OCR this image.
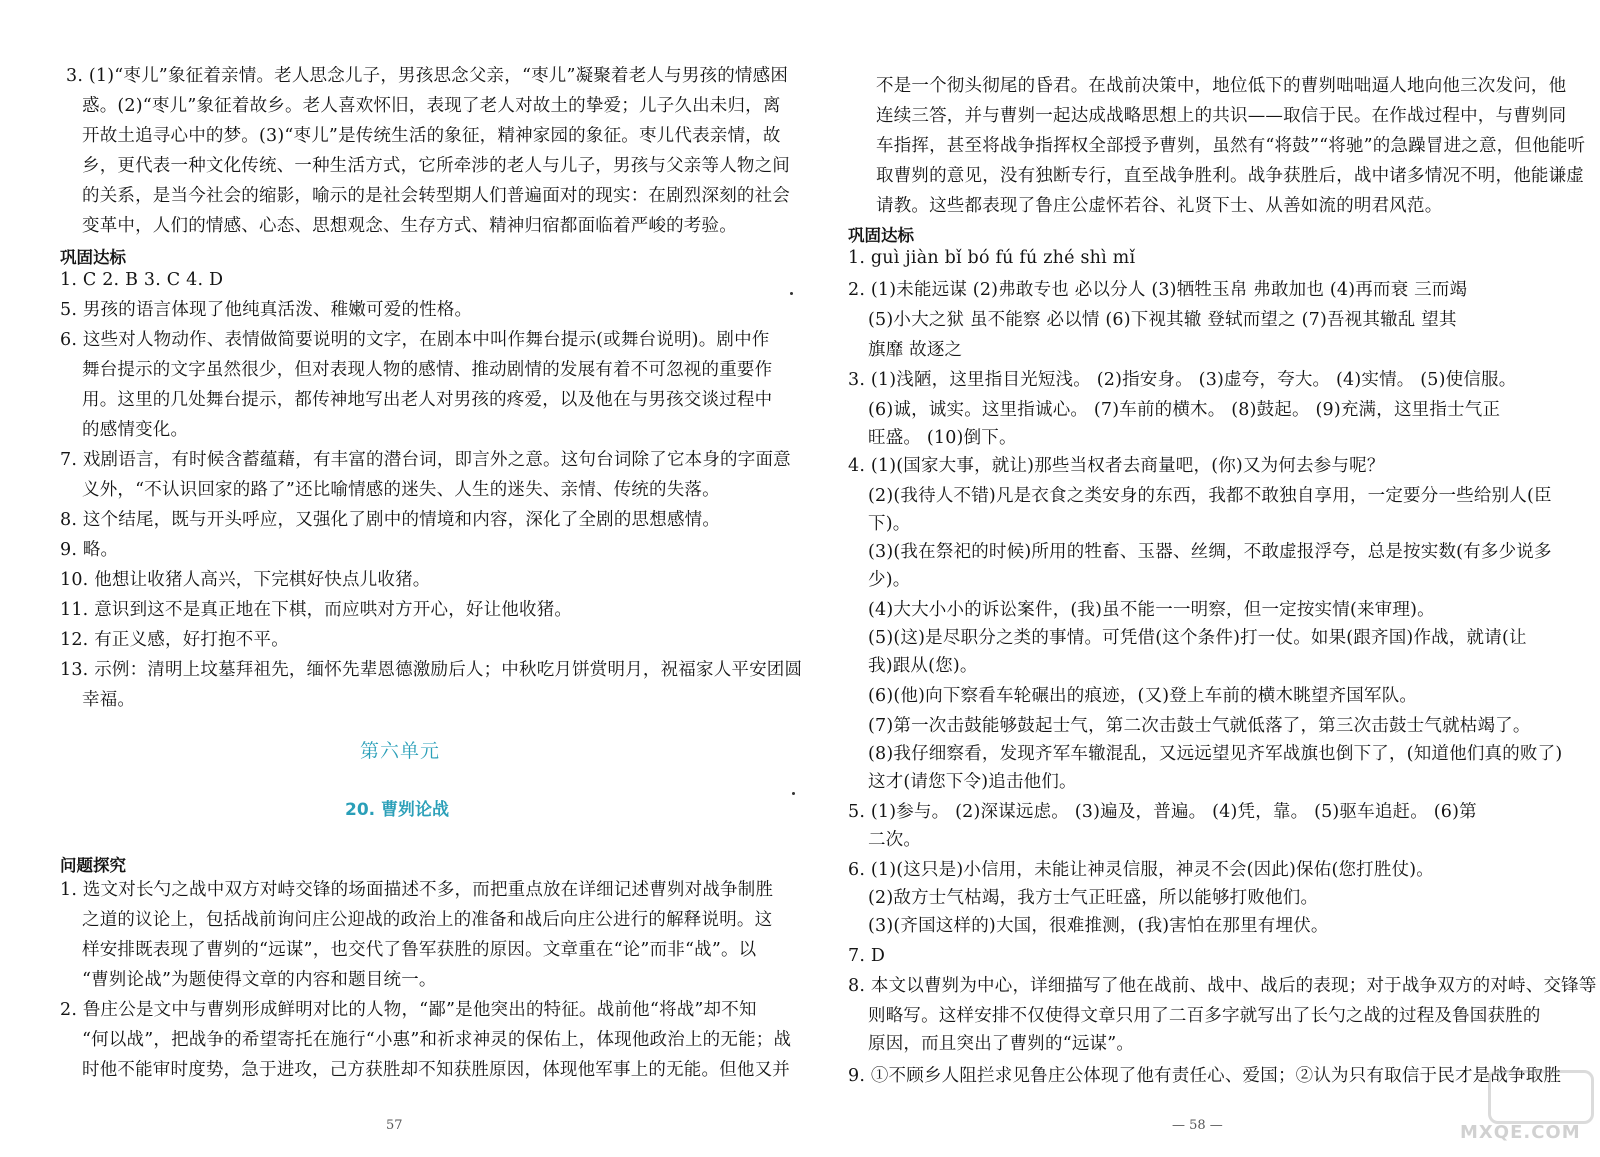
3. (1)“枣儿”象征着亲情。老人思念儿子，男孩思念父亲，“枣儿”凝聚着老人与男孩的情感困
惑。(2)“枣儿”象征着故乡。老人喜欢怀旧，表现了老人对故土的挚爱；儿子久出未归，离
开故土追寻心中的梦。(3)“枣儿”是传统生活的象征，精神家园的象征。枣儿代表亲情，故
乡，更代表一种文化传统、一种生活方式，它所牵涉的老人与儿子，男孩与父亲等人物之间
的关系，是当今社会的缩影，喻示的是社会转型期人们普遍面对的现实：在剧烈深刻的社会
变革中，人们的情感、心态、思想观念、生存方式、精神归宿都面临着严峻的考验。
巩固达标
1. C 2. B 3. C 4. D
5. 男孩的语言体现了他纯真活泼、稚嫩可爱的性格。
6. 这些对人物动作、表情做简要说明的文字，在剧本中叫作舞台提示(或舞台说明)。剧中作
舞台提示的文字虽然很少，但对表现人物的感情、推动剧情的发展有着不可忽视的重要作
用。这里的几处舞台提示，都传神地写出老人对男孩的疼爱，以及他在与男孩交谈过程中
的感情变化。
7. 戏剧语言，有时候含蓄蕴藉，有丰富的潜台词，即言外之意。这句台词除了它本身的字面意
义外，“不认识回家的路了”还比喻情感的迷失、人生的迷失、亲情、传统的失落。
8. 这个结尾，既与开头呼应，又强化了剧中的情境和内容，深化了全剧的思想感情。
9. 略。
10. 他想让收猪人高兴，下完棋好快点儿收猪。
11. 意识到这不是真正地在下棋，而应哄对方开心，好让他收猪。
12. 有正义感，好打抱不平。
13. 示例：清明上坟墓拜祖先，缅怀先辈恩德激励后人；中秋吃月饼赏明月，祝福家人平安团圆
幸福。
第六单元
20. 曹刿论战
问题探究
1. 选文对长勺之战中双方对峙交锋的场面描述不多，而把重点放在详细记述曹刿对战争制胜
之道的议论上，包括战前询问庄公迎战的政治上的准备和战后向庄公进行的解释说明。这
样安排既表现了曹刿的“远谋”，也交代了鲁军获胜的原因。文章重在“论”而非“战”。以
“曹刿论战”为题使得文章的内容和题目统一。
2. 鲁庄公是文中与曹刿形成鲜明对比的人物，“鄙”是他突出的特征。战前他“将战”却不知
“何以战”，把战争的希望寄托在施行“小惠”和祈求神灵的保佑上，体现他政治上的无能；战
时他不能审时度势，急于进攻，己方获胜却不知获胜原因，体现他军事上的无能。但他又并
57
不是一个彻头彻尾的昏君。在战前决策中，地位低下的曹刿咄咄逼人地向他三次发问，他
连续三答，并与曹刿一起达成战略思想上的共识——取信于民。在作战过程中，与曹刿同
车指挥，甚至将战争指挥权全部授予曹刿，虽然有“将鼓”“将驰”的急躁冒进之意，但他能听
取曹刿的意见，没有独断专行，直至战争胜利。战争获胜后，战中诸多情况不明，他能谦虚
请教。这些都表现了鲁庄公虚怀若谷、礼贤下士、从善如流的明君风范。
巩固达标
1. guì jiàn bǐ bó fú fú zhé shì mǐ
2. (1)未能远谋 (2)弗敢专也 必以分人 (3)牺牲玉帛 弗敢加也 (4)再而衰 三而竭
(5)小大之狱 虽不能察 必以情 (6)下视其辙 登轼而望之 (7)吾视其辙乱 望其
旗靡 故逐之
3. (1)浅陋，这里指目光短浅。 (2)指安身。 (3)虚夸，夸大。 (4)实情。 (5)使信服。
(6)诚，诚实。这里指诚心。 (7)车前的横木。 (8)鼓起。 (9)充满，这里指士气正
旺盛。 (10)倒下。
4. (1)(国家大事，就让)那些当权者去商量吧，(你)又为何去参与呢？
(2)(我待人不错)凡是衣食之类安身的东西，我都不敢独自享用，一定要分一些给别人(臣
下)。
(3)(我在祭祀的时候)所用的牲畜、玉器、丝绸，不敢虚报浮夸，总是按实数(有多少说多
少)。
(4)大大小小的诉讼案件，(我)虽不能一一明察，但一定按实情(来审理)。
(5)(这)是尽职分之类的事情。可凭借(这个条件)打一仗。如果(跟齐国)作战，就请(让
我)跟从(您)。
(6)(他)向下察看车轮碾出的痕迹，(又)登上车前的横木眺望齐国军队。
(7)第一次击鼓能够鼓起士气，第二次击鼓士气就低落了，第三次击鼓士气就枯竭了。
(8)我仔细察看，发现齐军车辙混乱，又远远望见齐军战旗也倒下了，(知道他们真的败了)
这才(请您下令)追击他们。
5. (1)参与。 (2)深谋远虑。 (3)遍及，普遍。 (4)凭，靠。 (5)驱车追赶。 (6)第
二次。
6. (1)(这只是)小信用，未能让神灵信服，神灵不会(因此)保佑(您打胜仗)。
(2)敌方士气枯竭，我方士气正旺盛，所以能够打败他们。
(3)(齐国这样的)大国，很难推测，(我)害怕在那里有埋伏。
7. D
8. 本文以曹刿为中心，详细描写了他在战前、战中、战后的表现；对于战争双方的对峙、交锋等
则略写。这样安排不仅使得文章只用了二百多字就写出了长勺之战的过程及鲁国获胜的
原因，而且突出了曹刿的“远谋”。
9. ①不顾乡人阻拦求见鲁庄公体现了他有责任心、爱国；②认为只有取信于民才是战争取胜
— 58 —	MXQE.COM
